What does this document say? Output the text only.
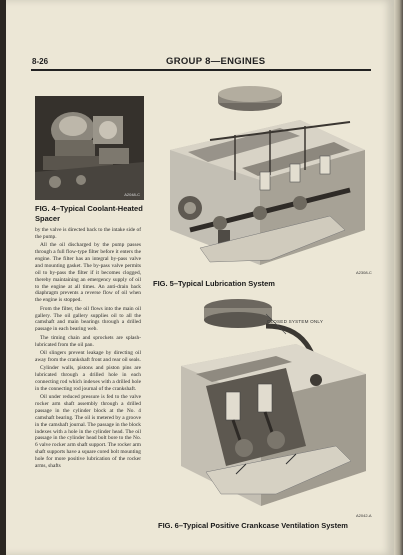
8-26	GROUP 8—ENGINES
A2048-C
FIG. 4–Typical Coolant-Heated
Spacer

by the valve is directed back to the intake side of the pump.

All the oil discharged by the pump passes through a full flow-type filter before it enters the engine. The filter has an integral by-pass valve and mounting gasket. The by-pass valve permits oil to by-pass the filter if it becomes clogged, thereby maintaining an emergency supply of oil to the engine at all times. An anti-drain back diaphragm prevents a reverse flow of oil when the engine is stopped.

From the filter, the oil flows into the main oil gallery. The oil gallery supplies oil to all the camshaft and main bearings through a drilled passage in each bearing web.

The timing chain and sprockets are splash-lubricated from the oil pan.

Oil slingers prevent leakage by directing oil away from the crankshaft front and rear oil seals.

Cylinder walls, pistons and piston pins are lubricated through a drilled hole in each connecting rod which indexes with a drilled hole in the connecting rod journal of the crankshaft.

Oil under reduced pressure is fed to the valve rocker arm shaft assembly through a drilled passage in the cylinder block at the No. 4 camshaft bearing. The oil is metered by a groove in the camshaft journal. The passage in the block indexes with a hole in the cylinder head. The oil passage in the cylinder head bolt bore to the No. 6 valve rocker arm shaft support. The rocker arm shaft supports have a square cored bolt mounting hole for more positive lubrication of the rocker arms, shafts

A2308-C
FIG. 5–Typical Lubrication System
CLOSED SYSTEM ONLY
A2042-A
FIG. 6–Typical Positive Crankcase Ventilation System
